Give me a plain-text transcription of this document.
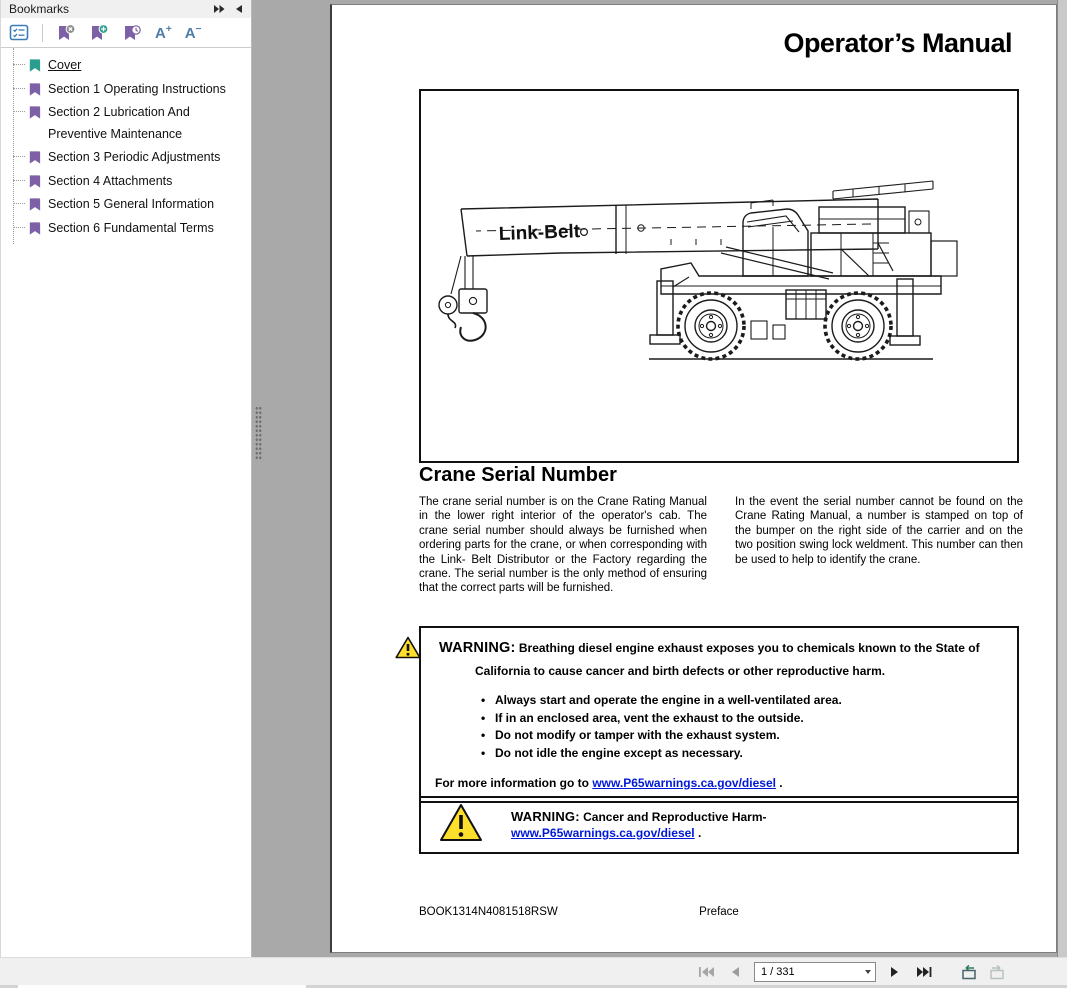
Bookmarks
A+ A−
Cover
Section 1 Operating Instructions
Section 2 Lubrication And Preventive Maintenance
Section 3 Periodic Adjustments
Section 4 Attachments
Section 5 General Information
Section 6 Fundamental Terms
Operator’s Manual
Link-Belt
Crane Serial Number
The crane serial number is on the Crane Rating Manual in the lower right interior of the operator's cab. The crane serial number should always be furnished when ordering parts for the crane, or when corresponding with the Link- Belt Distributor or the Factory regarding the crane. The serial number is the only method of ensuring that the correct parts will be furnished.
In the event the serial number cannot be found on the Crane Rating Manual, a number is stamped on top of the bumper on the right side of the carrier and on the two position swing lock weldment. This number can then be used to help to identify the crane.
WARNING: Breathing diesel engine exhaust exposes you to chemicals known to the State of California to cause cancer and birth defects or other reproductive harm.
• Always start and operate the engine in a well-ventilated area.
• If in an enclosed area, vent the exhaust to the outside.
• Do not modify or tamper with the exhaust system.
• Do not idle the engine except as necessary.
For more information go to www.P65warnings.ca.gov/diesel .
WARNING: Cancer and Reproductive Harm-
www.P65warnings.ca.gov/diesel .
BOOK1314N4081518RSW	Preface
1 / 331
